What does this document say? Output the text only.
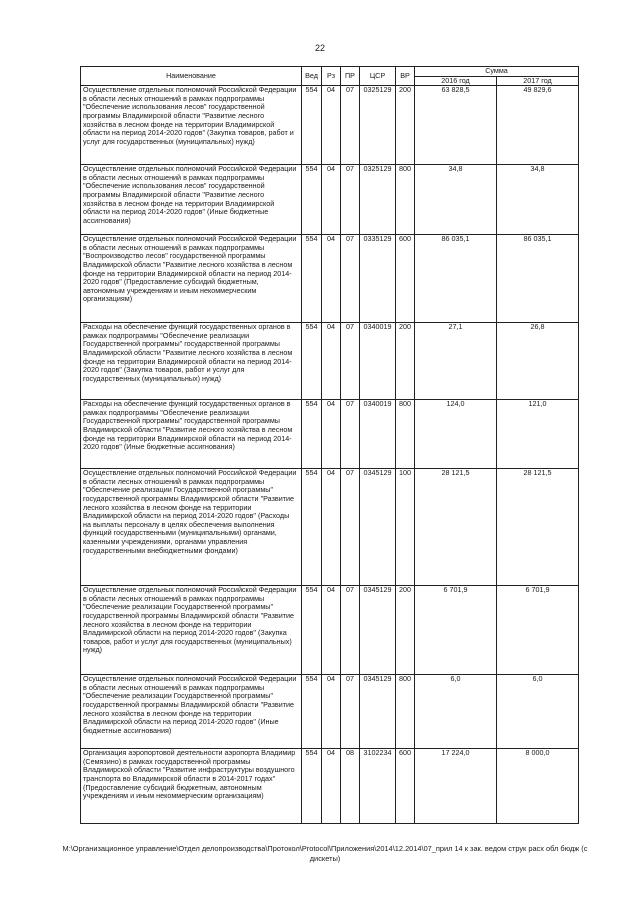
22
Наименование	Вед	Рз	ПР	ЦСР	ВР	Сумма	
						2016 год	2017 год
Осуществление отдельных полномочий Российской Федерации в области лесных отношений в рамках подпрограммы "Обеспечение использования лесов" государственной программы Владимирской области "Развитие лесного хозяйства в лесном фонде на территории Владимирской области на период 2014-2020 годов" (Закупка товаров, работ и услуг для государственных (муниципальных) нужд)	554	04	07	0325129	200	63 828,5	49 829,6
Осуществление отдельных полномочий Российской Федерации в области лесных отношений в рамках подпрограммы "Обеспечение использования лесов" государственной программы Владимирской области "Развитие лесного хозяйства в лесном фонде на территории Владимирской области на период 2014-2020 годов" (Иные бюджетные ассигнования)	554	04	07	0325129	800	34,8	34,8
Осуществление отдельных полномочий Российской Федерации в области лесных отношений в рамках подпрограммы "Воспроизводство лесов" государственной программы Владимирской области "Развитие лесного хозяйства в лесном фонде на территории Владимирской области на период 2014-2020 годов" (Предоставление субсидий бюджетным, автономным учреждениям и иным некоммерческим организациям)	554	04	07	0335129	600	86 035,1	86 035,1
Расходы на обеспечение функций государственных органов в рамках подпрограммы "Обеспечение реализации Государственной программы" государственной программы Владимирской области "Развитие лесного хозяйства в лесном фонде на территории Владимирской области на период 2014-2020 годов" (Закупка товаров, работ и услуг для государственных (муниципальных) нужд)	554	04	07	0340019	200	27,1	26,8
Расходы на обеспечение функций государственных органов в рамках подпрограммы "Обеспечение реализации Государственной программы" государственной программы Владимирской области "Развитие лесного хозяйства в лесном фонде на территории Владимирской области на период 2014-2020 годов" (Иные бюджетные ассигнования)	554	04	07	0340019	800	124,0	121,0
Осуществление отдельных полномочий Российской Федерации в области лесных отношений в рамках подпрограммы "Обеспечение реализации Государственной программы" государственной программы Владимирской области "Развитие лесного хозяйства в лесном фонде на территории Владимирской области на период 2014-2020 годов" (Расходы на выплаты персоналу в целях обеспечения выполнения функций государственными (муниципальными) органами, казенными учреждениями, органами управления государственными внебюджетными фондами)	554	04	07	0345129	100	28 121,5	28 121,5
Осуществление отдельных полномочий Российской Федерации в области лесных отношений в рамках подпрограммы "Обеспечение реализации Государственной программы" государственной программы Владимирской области "Развитие лесного хозяйства в лесном фонде на территории Владимирской области на период 2014-2020 годов" (Закупка товаров, работ и услуг для государственных (муниципальных) нужд)	554	04	07	0345129	200	6 701,9	6 701,9
Осуществление отдельных полномочий Российской Федерации в области лесных отношений в рамках подпрограммы "Обеспечение реализации Государственной программы" государственной программы Владимирской области "Развитие лесного хозяйства в лесном фонде на территории Владимирской области на период 2014-2020 годов" (Иные бюджетные ассигнования)	554	04	07	0345129	800	6,0	6,0
Организация аэропортовой деятельности аэропорта Владимир (Семязино) в рамках государственной программы Владимирской области "Развитие инфраструктуры воздушного транспорта во Владимирской области в 2014-2017 годах" (Предоставление субсидий бюджетным, автономным учреждениям и иным некоммерческим организациям)	554	04	08	3102234	600	17 224,0	8 000,0
M:\Организационное управление\Отдел делопроизводства\Протокол\Protocol\Приложения\2014\12.2014\07_прил 14 к зак. ведом струк расх обл бюдж (с дискеты)
